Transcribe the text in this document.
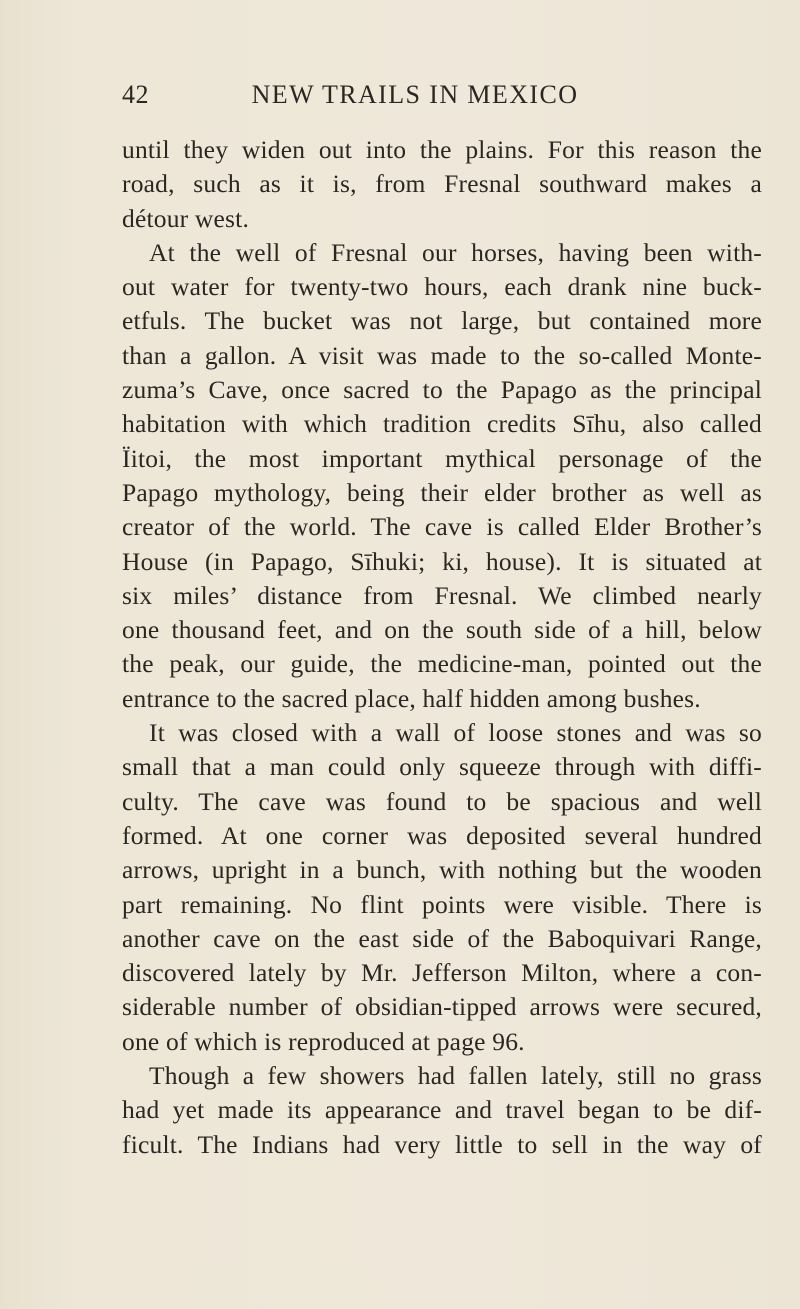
42	NEW TRAILS IN MEXICO
until they widen out into the plains. For this reason the
road, such as it is, from Fresnal southward makes a
détour west.
At the well of Fresnal our horses, having been with-
out water for twenty-two hours, each drank nine buck-
etfuls. The bucket was not large, but contained more
than a gallon. A visit was made to the so-called Monte-
zuma’s Cave, once sacred to the Papago as the principal
habitation with which tradition credits Sīhu, also called
Ïitoi, the most important mythical personage of the
Papago mythology, being their elder brother as well as
creator of the world. The cave is called Elder Brother’s
House (in Papago, Sīhuki; ki, house). It is situated at
six miles’ distance from Fresnal. We climbed nearly
one thousand feet, and on the south side of a hill, below
the peak, our guide, the medicine-man, pointed out the
entrance to the sacred place, half hidden among bushes.
It was closed with a wall of loose stones and was so
small that a man could only squeeze through with diffi-
culty. The cave was found to be spacious and well
formed. At one corner was deposited several hundred
arrows, upright in a bunch, with nothing but the wooden
part remaining. No flint points were visible. There is
another cave on the east side of the Baboquivari Range,
discovered lately by Mr. Jefferson Milton, where a con-
siderable number of obsidian-tipped arrows were secured,
one of which is reproduced at page 96.
Though a few showers had fallen lately, still no grass
had yet made its appearance and travel began to be dif-
ficult. The Indians had very little to sell in the way of
